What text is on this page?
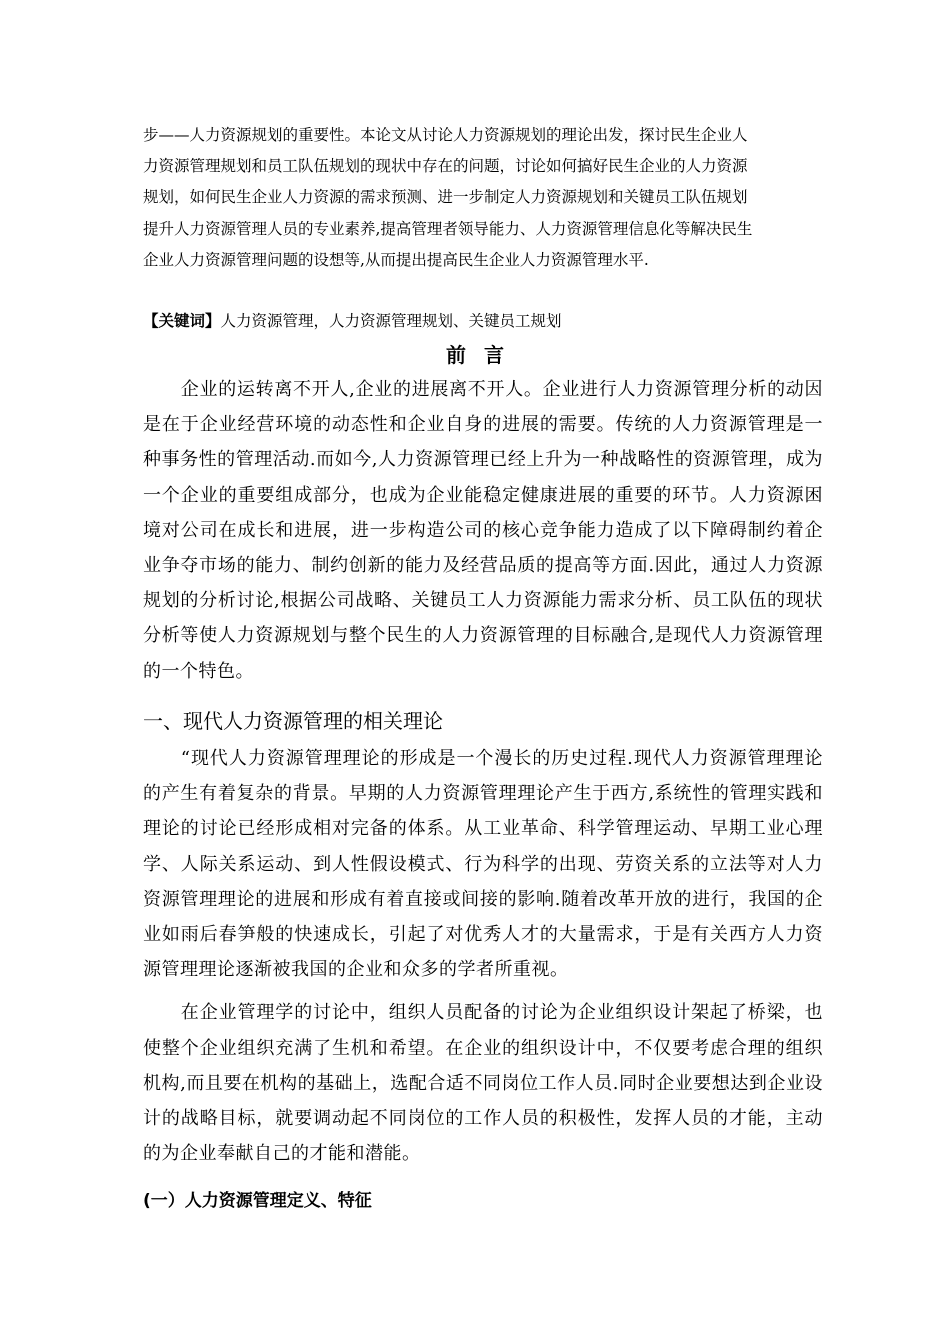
步——人力资源规划的重要性。本论文从讨论人力资源规划的理论出发，探讨民生企业人

力资源管理规划和员工队伍规划的现状中存在的问题，讨论如何搞好民生企业的人力资源

规划，如何民生企业人力资源的需求预测、进一步制定人力资源规划和关键员工队伍规划

提升人力资源管理人员的专业素养,提高管理者领导能力、人力资源管理信息化等解决民生

企业人力资源管理问题的设想等,从而提出提高民生企业人力资源管理水平.

【关键词】人力资源管理，人力资源管理规划、关键员工规划
前言

企业的运转离不开人,企业的进展离不开人。企业进行人力资源管理分析的动因是在于企业经营环境的动态性和企业自身的进展的需要。传统的人力资源管理是一种事务性的管理活动.而如今,人力资源管理已经上升为一种战略性的资源管理，成为一个企业的重要组成部分，也成为企业能稳定健康进展的重要的环节。人力资源困境对公司在成长和进展，进一步构造公司的核心竞争能力造成了以下障碍制约着企业争夺市场的能力、制约创新的能力及经营品质的提高等方面.因此，通过人力资源规划的分析讨论,根据公司战略、关键员工人力资源能力需求分析、员工队伍的现状分析等使人力资源规划与整个民生的人力资源管理的目标融合,是现代人力资源管理的一个特色。

一、现代人力资源管理的相关理论

“现代人力资源管理理论的形成是一个漫长的历史过程.现代人力资源管理理论的产生有着复杂的背景。早期的人力资源管理理论产生于西方,系统性的管理实践和理论的讨论已经形成相对完备的体系。从工业革命、科学管理运动、早期工业心理学、人际关系运动、到人性假设模式、行为科学的出现、劳资关系的立法等对人力资源管理理论的进展和形成有着直接或间接的影响.随着改革开放的进行，我国的企业如雨后春笋般的快速成长，引起了对优秀人才的大量需求，于是有关西方人力资源管理理论逐渐被我国的企业和众多的学者所重视。

在企业管理学的讨论中，组织人员配备的讨论为企业组织设计架起了桥梁，也使整个企业组织充满了生机和希望。在企业的组织设计中，不仅要考虑合理的组织机构,而且要在机构的基础上，选配合适不同岗位工作人员.同时企业要想达到企业设计的战略目标，就要调动起不同岗位的工作人员的积极性，发挥人员的才能，主动的为企业奉献自己的才能和潜能。

(一）人力资源管理定义、特征
